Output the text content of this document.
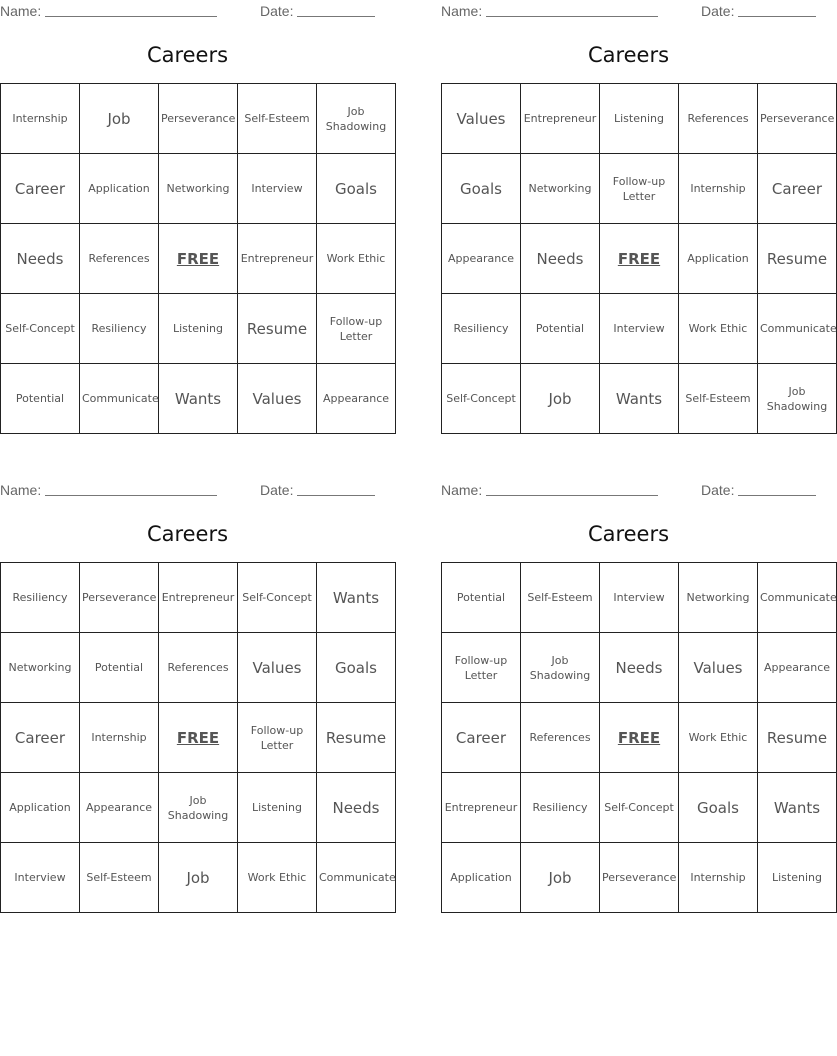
Name:	Date:
Careers
Internship	Job	Perseverance	Self-Esteem	Job Shadowing
Career	Application	Networking	Interview	Goals
Needs	References	FREE	Entrepreneur	Work Ethic
Self-Concept	Resiliency	Listening	Resume	Follow-up Letter
Potential	Communicate	Wants	Values	Appearance
Name:	Date:
Careers
Values	Entrepreneur	Listening	References	Perseverance
Goals	Networking	Follow-up Letter	Internship	Career
Appearance	Needs	FREE	Application	Resume
Resiliency	Potential	Interview	Work Ethic	Communicate
Self-Concept	Job	Wants	Self-Esteem	Job Shadowing
Name:	Date:
Careers
Resiliency	Perseverance	Entrepreneur	Self-Concept	Wants
Networking	Potential	References	Values	Goals
Career	Internship	FREE	Follow-up Letter	Resume
Application	Appearance	Job Shadowing	Listening	Needs
Interview	Self-Esteem	Job	Work Ethic	Communicate
Name:	Date:
Careers
Potential	Self-Esteem	Interview	Networking	Communicate
Follow-up Letter	Job Shadowing	Needs	Values	Appearance
Career	References	FREE	Work Ethic	Resume
Entrepreneur	Resiliency	Self-Concept	Goals	Wants
Application	Job	Perseverance	Internship	Listening
